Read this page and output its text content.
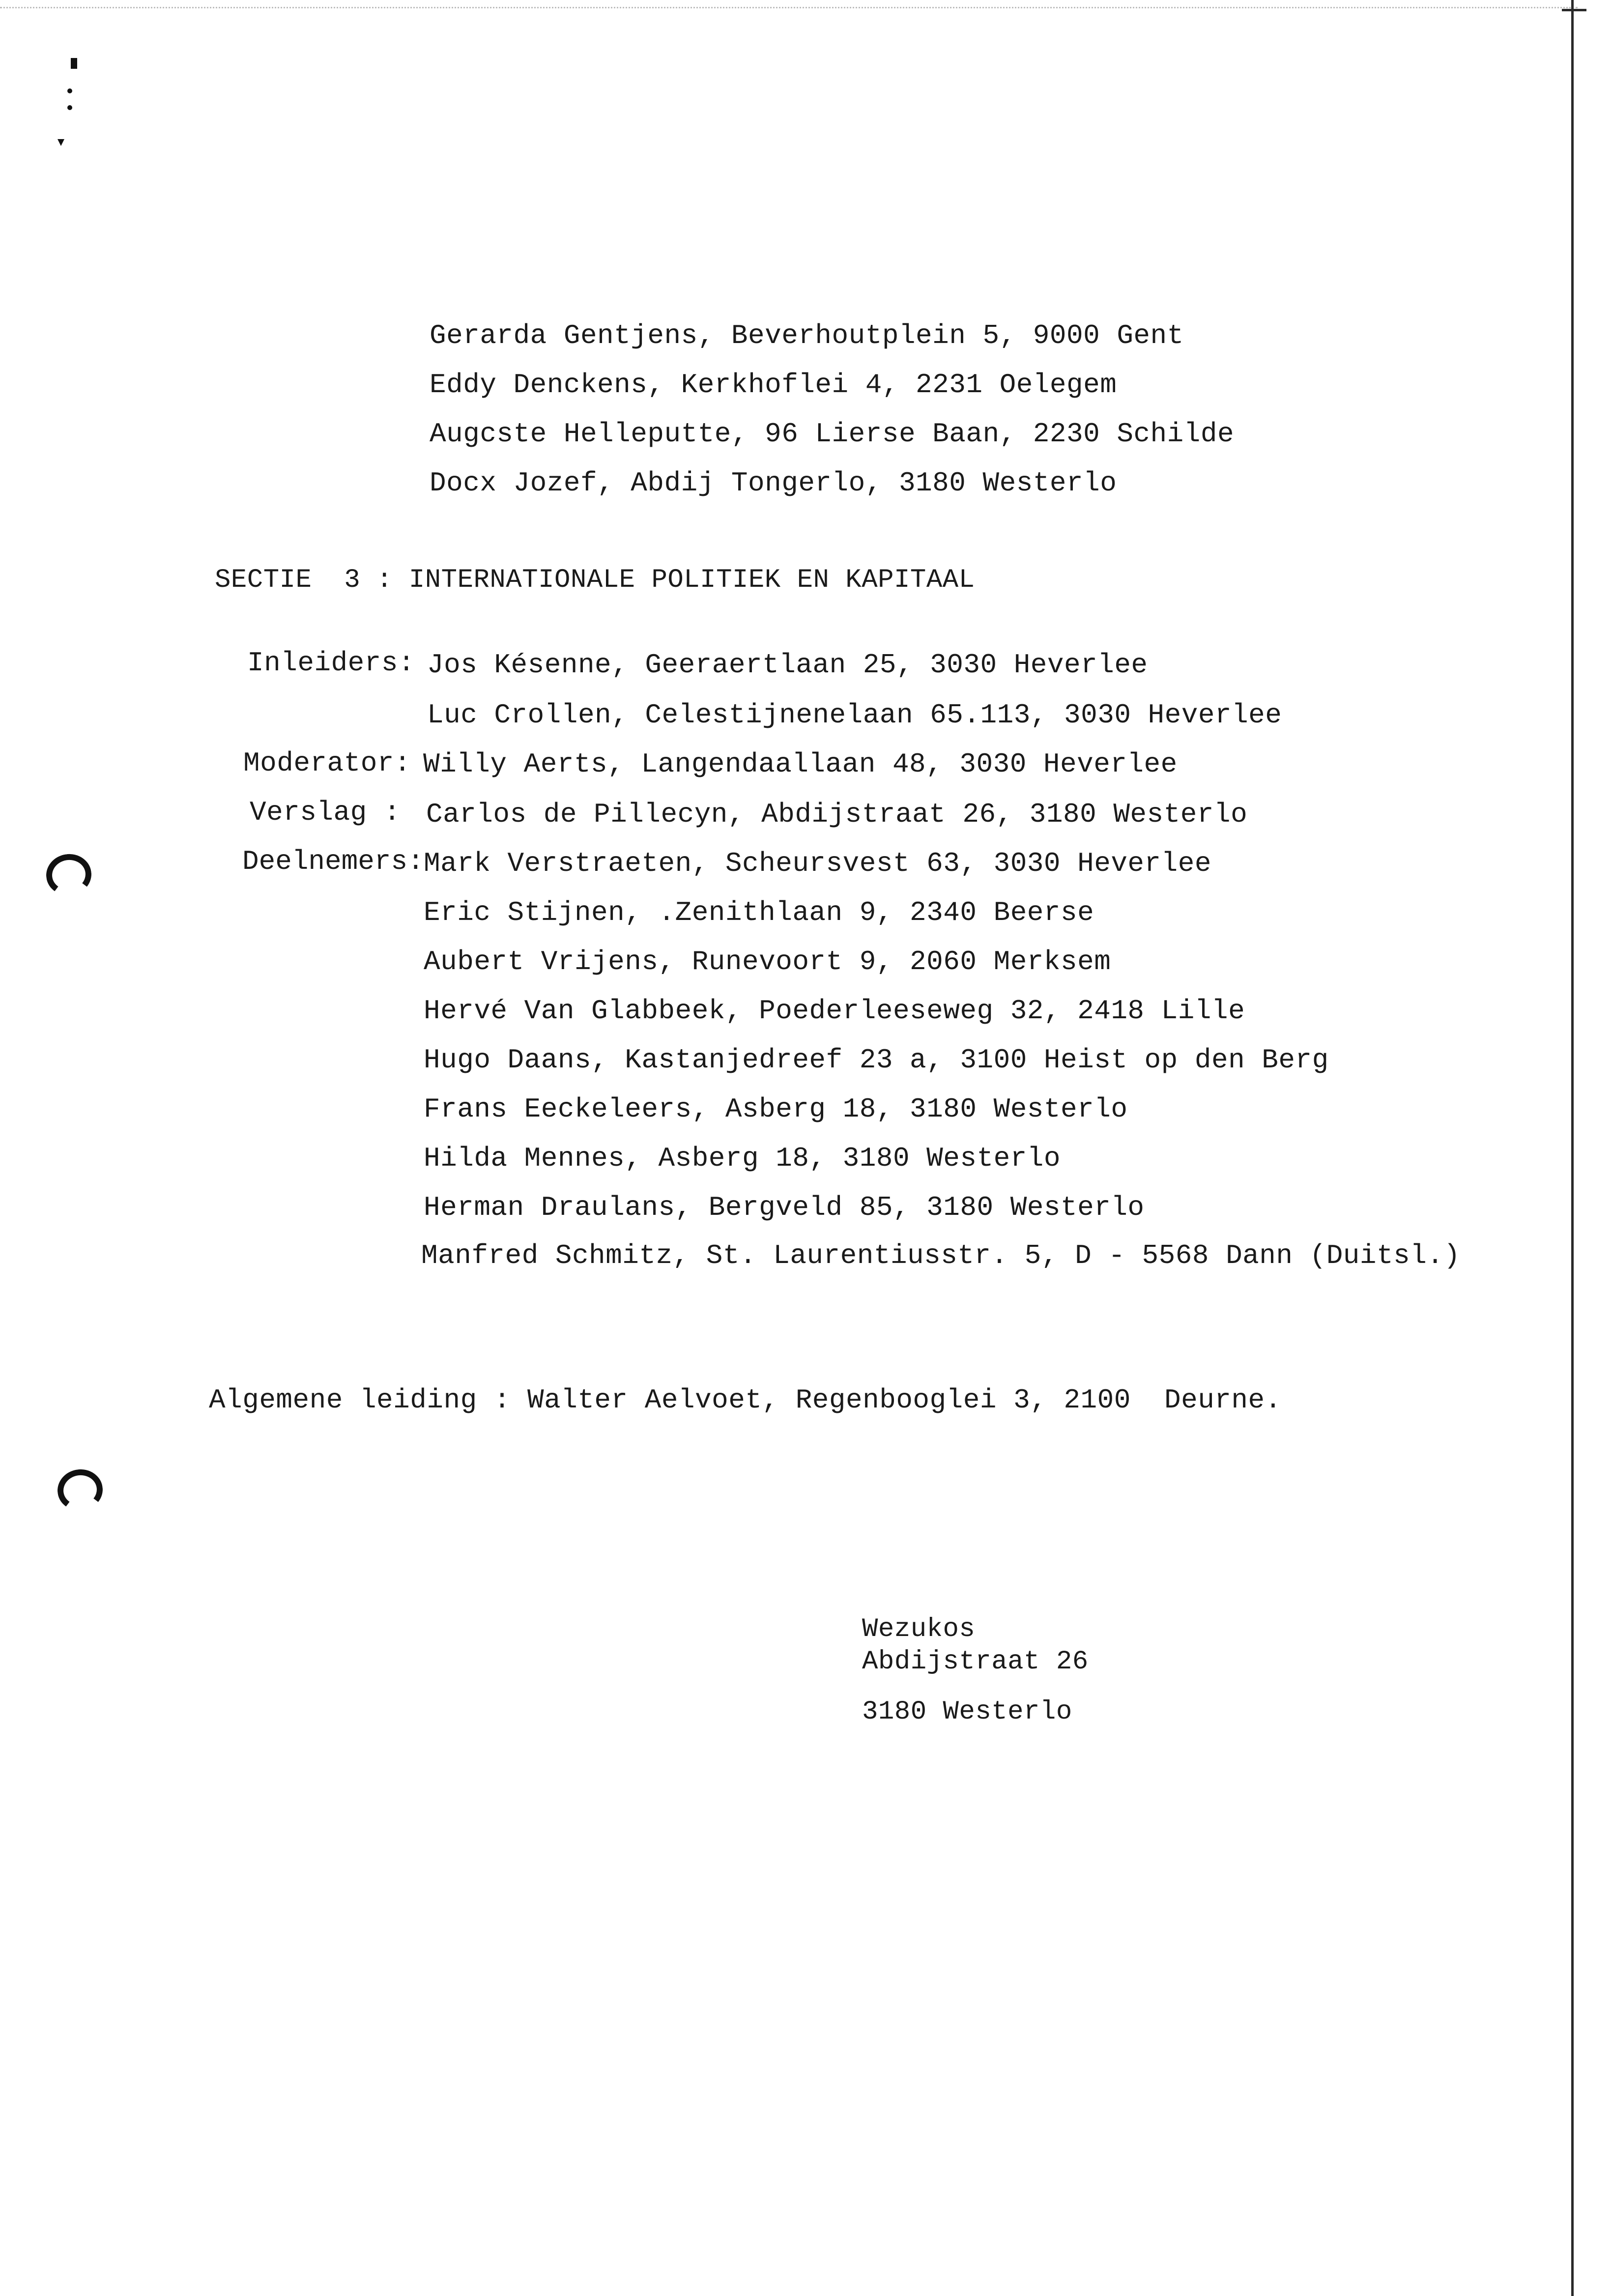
Gerarda Gentjens, Beverhoutplein 5, 9000 Gent
Eddy Denckens, Kerkhoflei 4, 2231 Oelegem
Augcste Helleputte, 96 Lierse Baan, 2230 Schilde
Docx Jozef, Abdij Tongerlo, 3180 Westerlo
SECTIE  3 : INTERNATIONALE POLITIEK EN KAPITAAL
Inleiders: Jos Késenne, Geeraertlaan 25, 3030 Heverlee
Luc Crollen, Celestijnenelaan 65.113, 3030 Heverlee
Moderator: Willy Aerts, Langendaallaan 48, 3030 Heverlee
Verslag : Carlos de Pillecyn, Abdijstraat 26, 3180 Westerlo
Deelnemers: Mark Verstraeten, Scheursvest 63, 3030 Heverlee
Eric Stijnen, .Zenithlaan 9, 2340 Beerse
Aubert Vrijens, Runevoort 9, 2060 Merksem
Hervé Van Glabbeek, Poederleeseweg 32, 2418 Lille
Hugo Daans, Kastanjedreef 23 a, 3100 Heist op den Berg
Frans Eeckeleers, Asberg 18, 3180 Westerlo
Hilda Mennes, Asberg 18, 3180 Westerlo
Herman Draulans, Bergveld 85, 3180 Westerlo
Manfred Schmitz, St. Laurentiusstr. 5, D - 5568 Dann (Duitsl.)
Algemene leiding : Walter Aelvoet, Regenbooglei 3, 2100  Deurne.
Wezukos
Abdijstraat 26
3180 Westerlo
